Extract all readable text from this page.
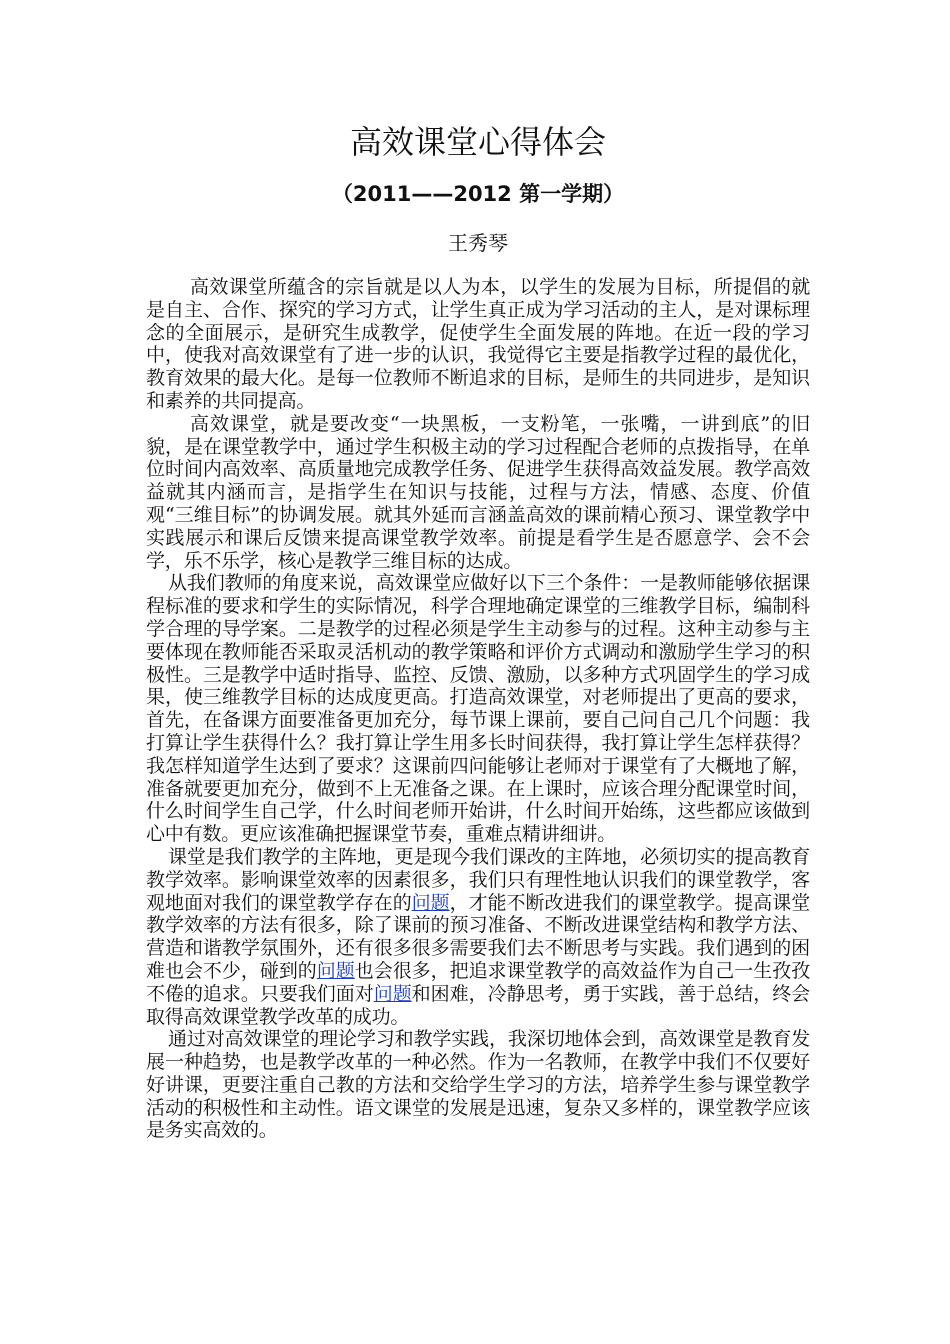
高效课堂心得体会
（2011——2012 第一学期）
王秀琴

高效课堂所蕴含的宗旨就是以人为本，以学生的发展为目标，所提倡的就是自主、合作、探究的学习方式，让学生真正成为学习活动的主人，是对课标理念的全面展示，是研究生成教学，促使学生全面发展的阵地。在近一段的学习中，使我对高效课堂有了进一步的认识，我觉得它主要是指教学过程的最优化，教育效果的最大化。是每一位教师不断追求的目标，是师生的共同进步，是知识和素养的共同提高。

高效课堂，就是要改变“一块黑板，一支粉笔，一张嘴，一讲到底”的旧貌，是在课堂教学中，通过学生积极主动的学习过程配合老师的点拨指导，在单位时间内高效率、高质量地完成教学任务、促进学生获得高效益发展。教学高效益就其内涵而言，是指学生在知识与技能，过程与方法，情感、态度、价值观“三维目标”的协调发展。就其外延而言涵盖高效的课前精心预习、课堂教学中实践展示和课后反馈来提高课堂教学效率。前提是看学生是否愿意学、会不会学，乐不乐学，核心是教学三维目标的达成。

从我们教师的角度来说，高效课堂应做好以下三个条件：一是教师能够依据课程标准的要求和学生的实际情况，科学合理地确定课堂的三维教学目标，编制科学合理的导学案。二是教学的过程必须是学生主动参与的过程。这种主动参与主要体现在教师能否采取灵活机动的教学策略和评价方式调动和激励学生学习的积极性。三是教学中适时指导、监控、反馈、激励，以多种方式巩固学生的学习成果，使三维教学目标的达成度更高。打造高效课堂，对老师提出了更高的要求，首先，在备课方面要准备更加充分，每节课上课前，要自己问自己几个问题：我打算让学生获得什么？我打算让学生用多长时间获得，我打算让学生怎样获得？我怎样知道学生达到了要求？这课前四问能够让老师对于课堂有了大概地了解，准备就要更加充分，做到不上无准备之课。在上课时，应该合理分配课堂时间，什么时间学生自己学，什么时间老师开始讲，什么时间开始练，这些都应该做到心中有数。更应该准确把握课堂节奏，重难点精讲细讲。

课堂是我们教学的主阵地，更是现今我们课改的主阵地，必须切实的提高教育教学效率。影响课堂效率的因素很多，我们只有理性地认识我们的课堂教学，客观地面对我们的课堂教学存在的问题，才能不断改进我们的课堂教学。提高课堂教学效率的方法有很多，除了课前的预习准备、不断改进课堂结构和教学方法、营造和谐教学氛围外，还有很多很多需要我们去不断思考与实践。我们遇到的困难也会不少，碰到的问题也会很多，把追求课堂教学的高效益作为自己一生孜孜不倦的追求。只要我们面对问题和困难，冷静思考，勇于实践，善于总结，终会取得高效课堂教学改革的成功。

通过对高效课堂的理论学习和教学实践，我深切地体会到，高效课堂是教育发展一种趋势，也是教学改革的一种必然。作为一名教师，在教学中我们不仅要好好讲课，更要注重自己教的方法和交给学生学习的方法，培养学生参与课堂教学活动的积极性和主动性。语文课堂的发展是迅速，复杂又多样的，课堂教学应该是务实高效的。
